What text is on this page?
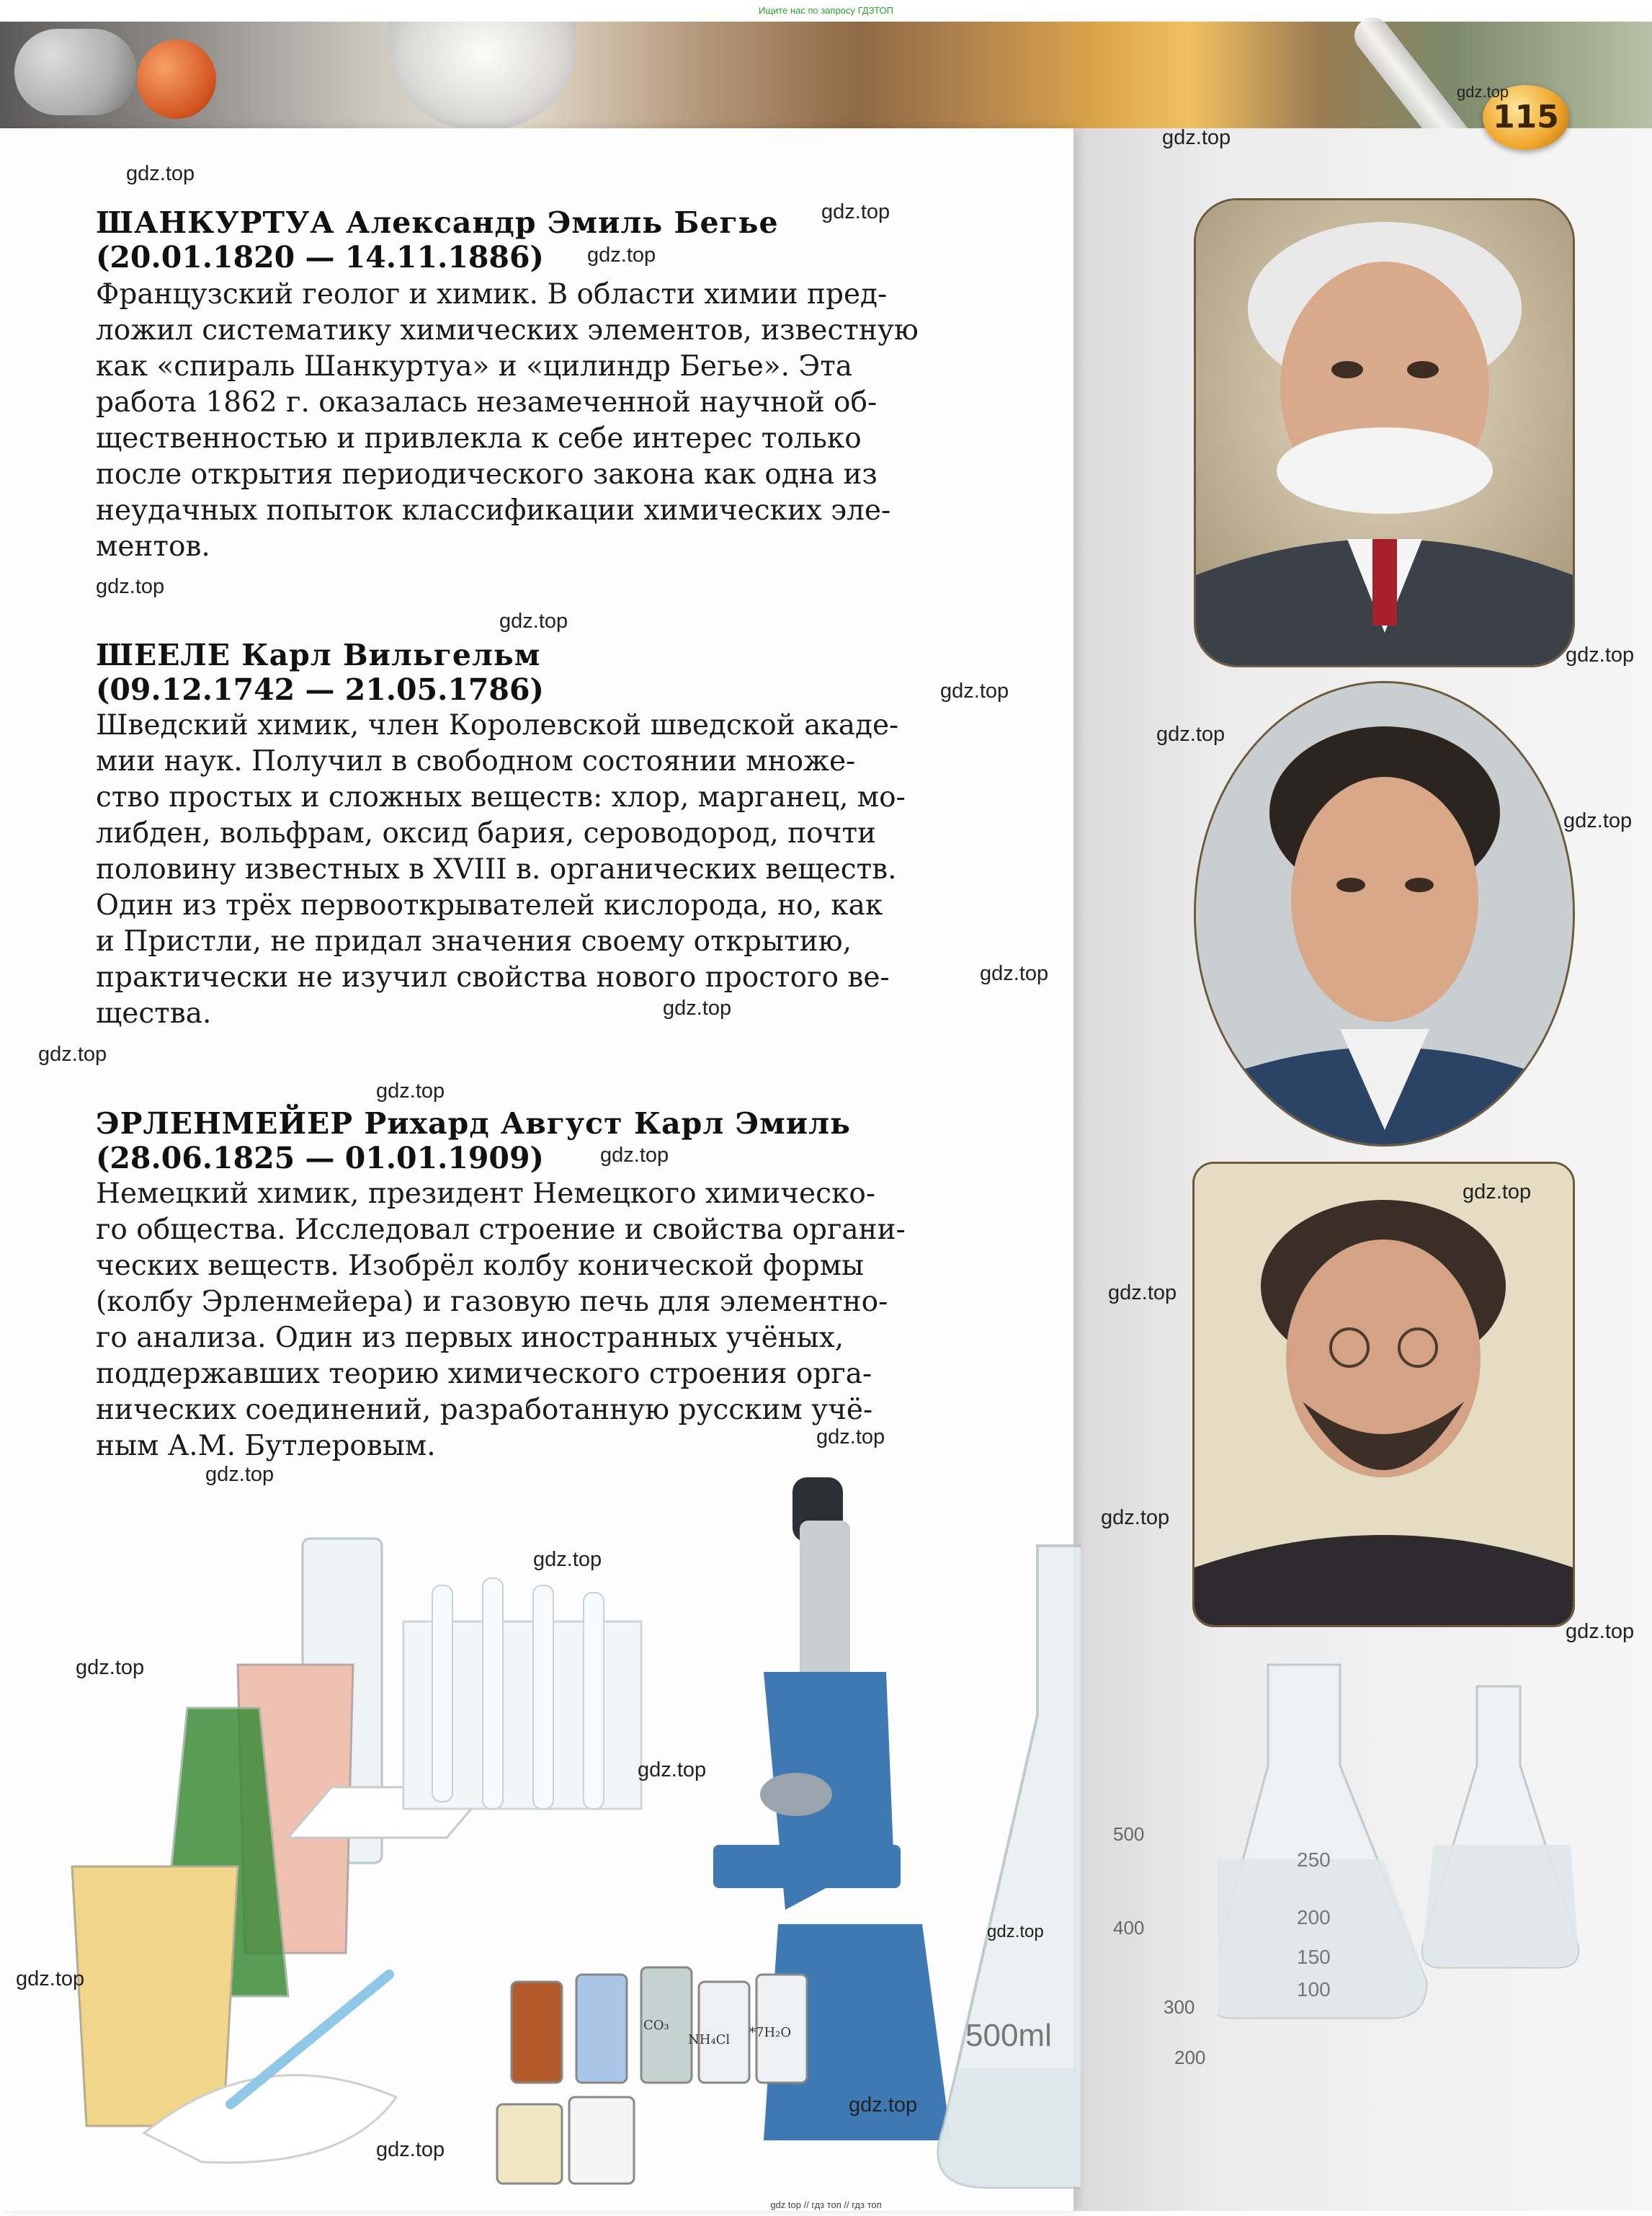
Ищите нас по запросу ГДЗТОП
115
ШАНКУРТУА Александр Эмиль Бегье
(20.01.1820 — 14.11.1886)
Французский геолог и химик. В области химии пред-
ложил систематику химических элементов, известную
как «спираль Шанкуртуа» и «цилиндр Бегье». Эта
работа 1862 г. оказалась незамеченной научной об-
щественностью и привлекла к себе интерес только
после открытия периодического закона как одна из
неудачных попыток классификации химических эле-
ментов.
ШЕЕЛЕ Карл Вильгельм
(09.12.1742 — 21.05.1786)
Шведский химик, член Королевской шведской акаде-
мии наук. Получил в свободном состоянии множе-
ство простых и сложных веществ: хлор, марганец, мо-
либден, вольфрам, оксид бария, сероводород, почти
половину известных в XVIII в. органических веществ.
Один из трёх первооткрывателей кислорода, но, как
и Пристли, не придал значения своему открытию,
практически не изучил свойства нового простого ве-
щества.
ЭРЛЕНМЕЙЕР Рихард Август Карл Эмиль
(28.06.1825 — 01.01.1909)
Немецкий химик, президент Немецкого химическо-
го общества. Исследовал строение и свойства органи-
ческих веществ. Изобрёл колбу конической формы
(колбу Эрленмейера) и газовую печь для элементно-
го анализа. Один из первых иностранных учёных,
поддержавших теорию химического строения орга-
нических соединений, разработанную русским учё-
ным А.М. Бутлеровым.
500
400
300
200
500ml
250
200
150
100
NH₄Cl
CO₃	*7H₂O
gdz.top
gdz.top
gdz.top
gdz.top
gdz.top
gdz.top
gdz.top
gdz.top
gdz.top
gdz.top
gdz.top
gdz.top
gdz.top
gdz.top
gdz.top
gdz.top
gdz.top
gdz.top
gdz.top
gdz.top
gdz.top
gdz.top
gdz.top
gdz.top
gdz.top
gdz.top
gdz.top
gdz.top
gdz.top
gdz top // гдз топ // гдз топ
